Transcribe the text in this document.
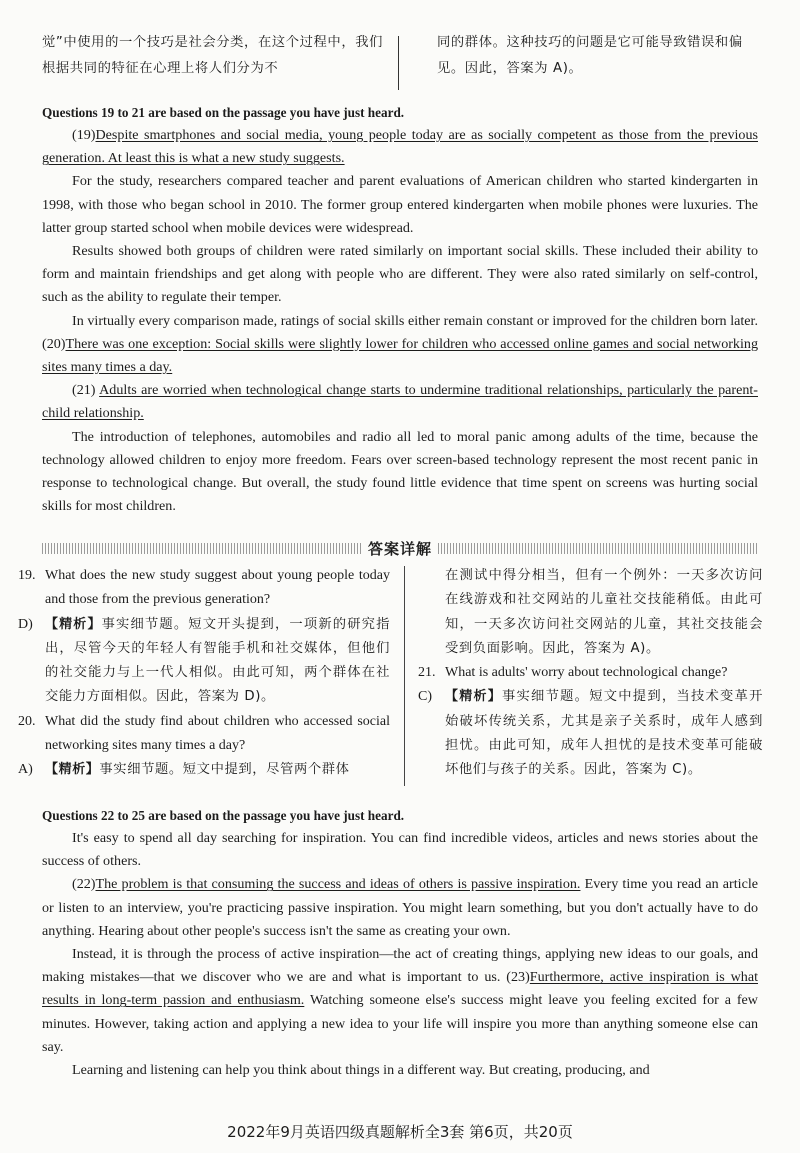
觉”中使用的一个技巧是社会分类，在这个过程中，我们根据共同的特征在心理上将人们分为不
同的群体。这种技巧的问题是它可能导致错误和偏见。因此，答案为 A)。
Questions 19 to 21 are based on the passage you have just heard.

(19)Despite smartphones and social media, young people today are as socially competent as those from the previous generation. At least this is what a new study suggests.

For the study, researchers compared teacher and parent evaluations of American children who started kindergarten in 1998, with those who began school in 2010. The former group entered kindergarten when mobile phones were luxuries. The latter group started school when mobile devices were widespread.

Results showed both groups of children were rated similarly on important social skills. These included their ability to form and maintain friendships and get along with people who are different. They were also rated similarly on self-control, such as the ability to regulate their temper.

In virtually every comparison made, ratings of social skills either remain constant or improved for the children born later. (20)There was one exception: Social skills were slightly lower for children who accessed online games and social networking sites many times a day.

(21) Adults are worried when technological change starts to undermine traditional relationships, particularly the parent-child relationship.

The introduction of telephones, automobiles and radio all led to moral panic among adults of the time, because the technology allowed children to enjoy more freedom. Fears over screen-based technology represent the most recent panic in response to technological change. But overall, the study found little evidence that time spent on screens was hurting social skills for most children.

答案详解
19. What does the new study suggest about young people today and those from the previous generation?
D) 【精析】事实细节题。短文开头提到，一项新的研究指出，尽管今天的年轻人有智能手机和社交媒体，但他们的社交能力与上一代人相似。由此可知，两个群体在社交能力方面相似。因此，答案为 D)。
20. What did the study find about children who accessed social networking sites many times a day?
A) 【精析】事实细节题。短文中提到，尽管两个群体
在测试中得分相当，但有一个例外：一天多次访问在线游戏和社交网站的儿童社交技能稍低。由此可知，一天多次访问社交网站的儿童，其社交技能会受到负面影响。因此，答案为 A)。
21. What is adults' worry about technological change?
C)	【精析】事实细节题。短文中提到，当技术变革开始破坏传统关系，尤其是亲子关系时，成年人感到担忧。由此可知，成年人担忧的是技术变革可能破坏他们与孩子的关系。因此，答案为 C)。
Questions 22 to 25 are based on the passage you have just heard.

It's easy to spend all day searching for inspiration. You can find incredible videos, articles and news stories about the success of others.

(22)The problem is that consuming the success and ideas of others is passive inspiration. Every time you read an article or listen to an interview, you're practicing passive inspiration. You might learn something, but you don't actually have to do anything. Hearing about other people's success isn't the same as creating your own.

Instead, it is through the process of active inspiration—the act of creating things, applying new ideas to our goals, and making mistakes—that we discover who we are and what is important to us. (23)Furthermore, active inspiration is what results in long-term passion and enthusiasm. Watching someone else's success might leave you feeling excited for a few minutes. However, taking action and applying a new idea to your life will inspire you more than anything someone else can say.

Learning and listening can help you think about things in a different way. But creating, producing, and

2022年9月英语四级真题解析全3套 第6页，共20页
